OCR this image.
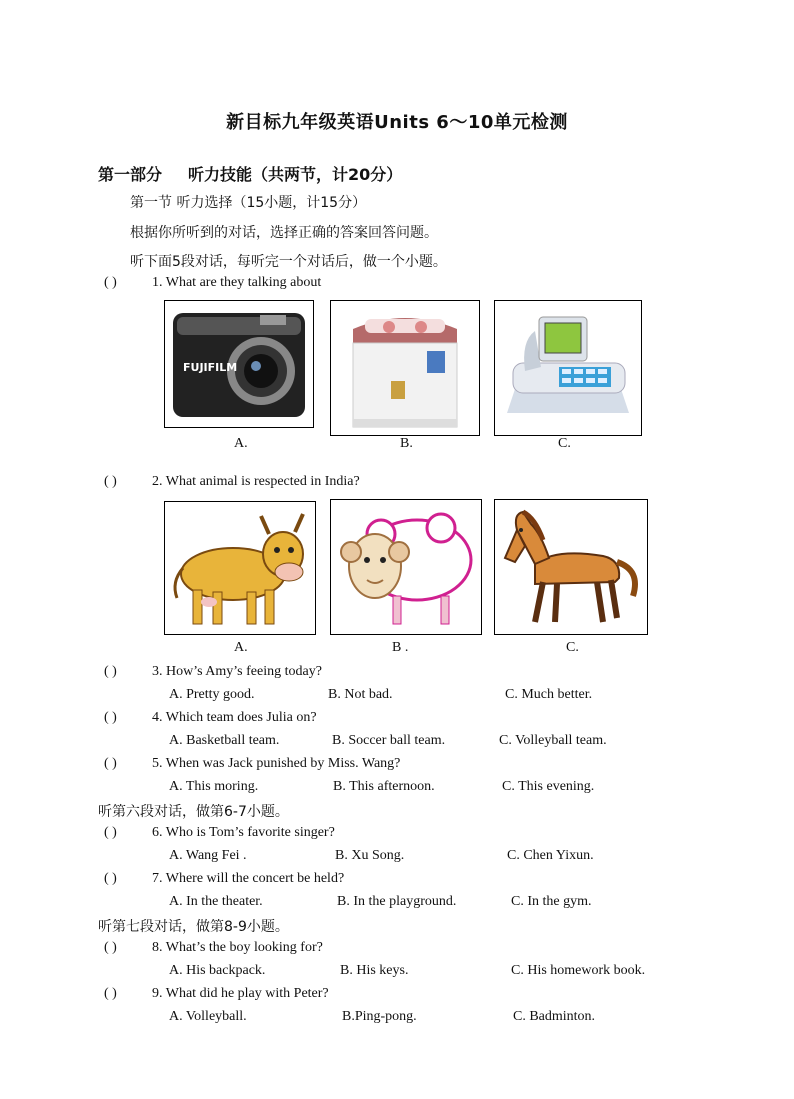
新目标九年级英语Units 6～10单元检测
第一部分 听力技能（共两节，计20分）
第一节 听力选择（15小题，计15分）
根据你所听到的对话，选择正确的答案回答问题。
听下面5段对话，每听完一个对话后，做一个小题。
( )	1. What are they talking about
FUJIFILM
A.	B.	C.
( )	2. What animal is respected in India?
A.	B .	C.
( )	3. How’s Amy’s feeing today?
A. Pretty good.	B. Not bad.	C. Much better.
( )	4. Which team does Julia on?
A. Basketball team.	B. Soccer ball team.	C. Volleyball team.
( )	5. When was Jack punished by Miss. Wang?
A. This moring.	B. This afternoon.	C. This evening.
听第六段对话，做第6-7小题。
( )	6. Who is Tom’s favorite singer?
A. Wang Fei .	B. Xu Song.	C. Chen Yixun.
( )	7. Where will the concert be held?
A. In the theater.	B. In the playground.	C. In the gym.
听第七段对话，做第8-9小题。
( )	8. What’s the boy looking for?
A. His backpack.	B. His keys.	C. His homework book.
( )	9. What did he play with Peter?
A. Volleyball.	B.Ping-pong.	C. Badminton.
